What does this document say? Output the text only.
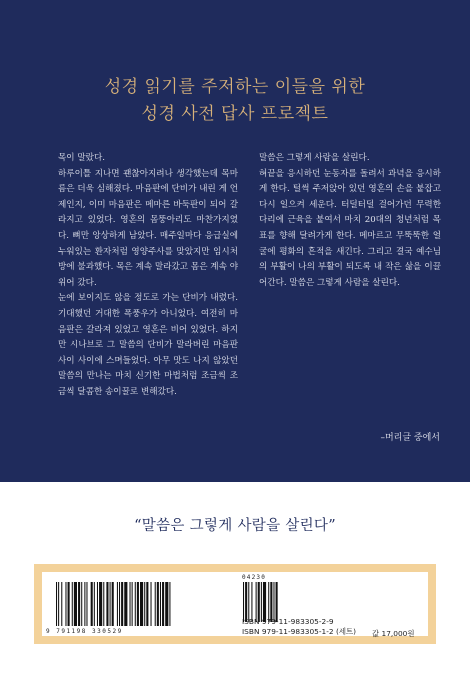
성경 읽기를 주저하는 이들을 위한
성경 사전 답사 프로젝트

목이 말랐다.

하루이틀 지나면 괜찮아지려나 생각했는데 목마름은 더욱 심해졌다. 마음판에 단비가 내린 게 언제인지, 이미 마음판은 메마른 바둑판이 되어 갈라지고 있었다. 영혼의 몸뚱아리도 마찬가지였다. 뼈만 앙상하게 남았다. 매주일마다 응급실에 누워있는 환자처럼 영양주사를 맞았지만 임시처방에 불과했다. 목은 계속 말라갔고 몸은 계속 야위어 갔다.

눈에 보이지도 않을 정도로 가는 단비가 내렸다. 기대했던 거대한 폭풍우가 아니었다. 여전히 마음판은 갈라져 있었고 영혼은 비어 있었다. 하지만 시나브로 그 말씀의 단비가 말라버린 마음판 사이 사이에 스며들었다. 아무 맛도 나지 않았던 말씀의 만나는 마치 신기한 마법처럼 조금씩 조금씩 달콤한 송이꿀로 변해갔다.

말씀은 그렇게 사람을 살린다.

혀끝을 응시하던 눈동자를 돌려서 과녁을 응시하게 한다. 털썩 주저앉아 있던 영혼의 손을 붙잡고 다시 일으켜 세운다. 터덜터덜 걸어가던 무력한 다리에 근육을 붙여서 마치 20대의 청년처럼 목표를 향해 달려가게 한다. 메마르고 무뚝뚝한 얼굴에 평화의 흔적을 새긴다. 그리고 결국 예수님의 부활이 나의 부활이 되도록 내 작은 삶을 이끌어간다. 말씀은 그렇게 사람을 살린다.

–머리글 중에서
“말씀은 그렇게 사람을 살린다”
9 791198 330529
04230
ISBN 979-11-983305-2-9
ISBN 979-11-983305-1-2 (세트) 값 17,000원
